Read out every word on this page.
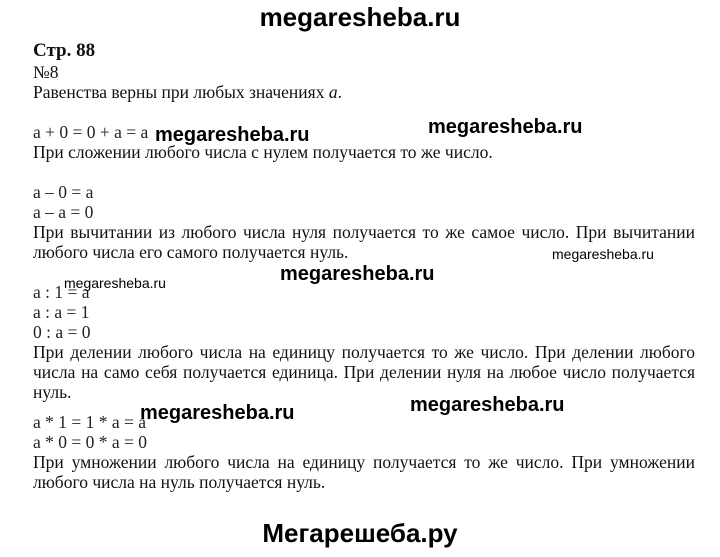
megaresheba.ru
Стр. 88
№8
Равенства верны при любых значениях a.
a + 0 = 0 + a = a
При сложении любого числа с нулем получается то же число.
a – 0 = a
a – a = 0
При вычитании из любого числа нуля получается то же самое число. При вычитании любого числа его самого получается нуль.
a : 1 = a
a : a = 1
0 : a = 0
При делении любого числа на единицу получается то же число. При делении любого числа на само себя получается единица. При делении нуля на любое число получается нуль.
a * 1 = 1 * a = a
a * 0 = 0 * a = 0
При умножении любого числа на единицу получается то же число. При умножении любого числа на нуль получается нуль.
megaresheba.ru	megaresheba.ru
megaresheba.ru
megaresheba.ru
megaresheba.ru
megaresheba.ru	megaresheba.ru
Мегарешеба.ру
